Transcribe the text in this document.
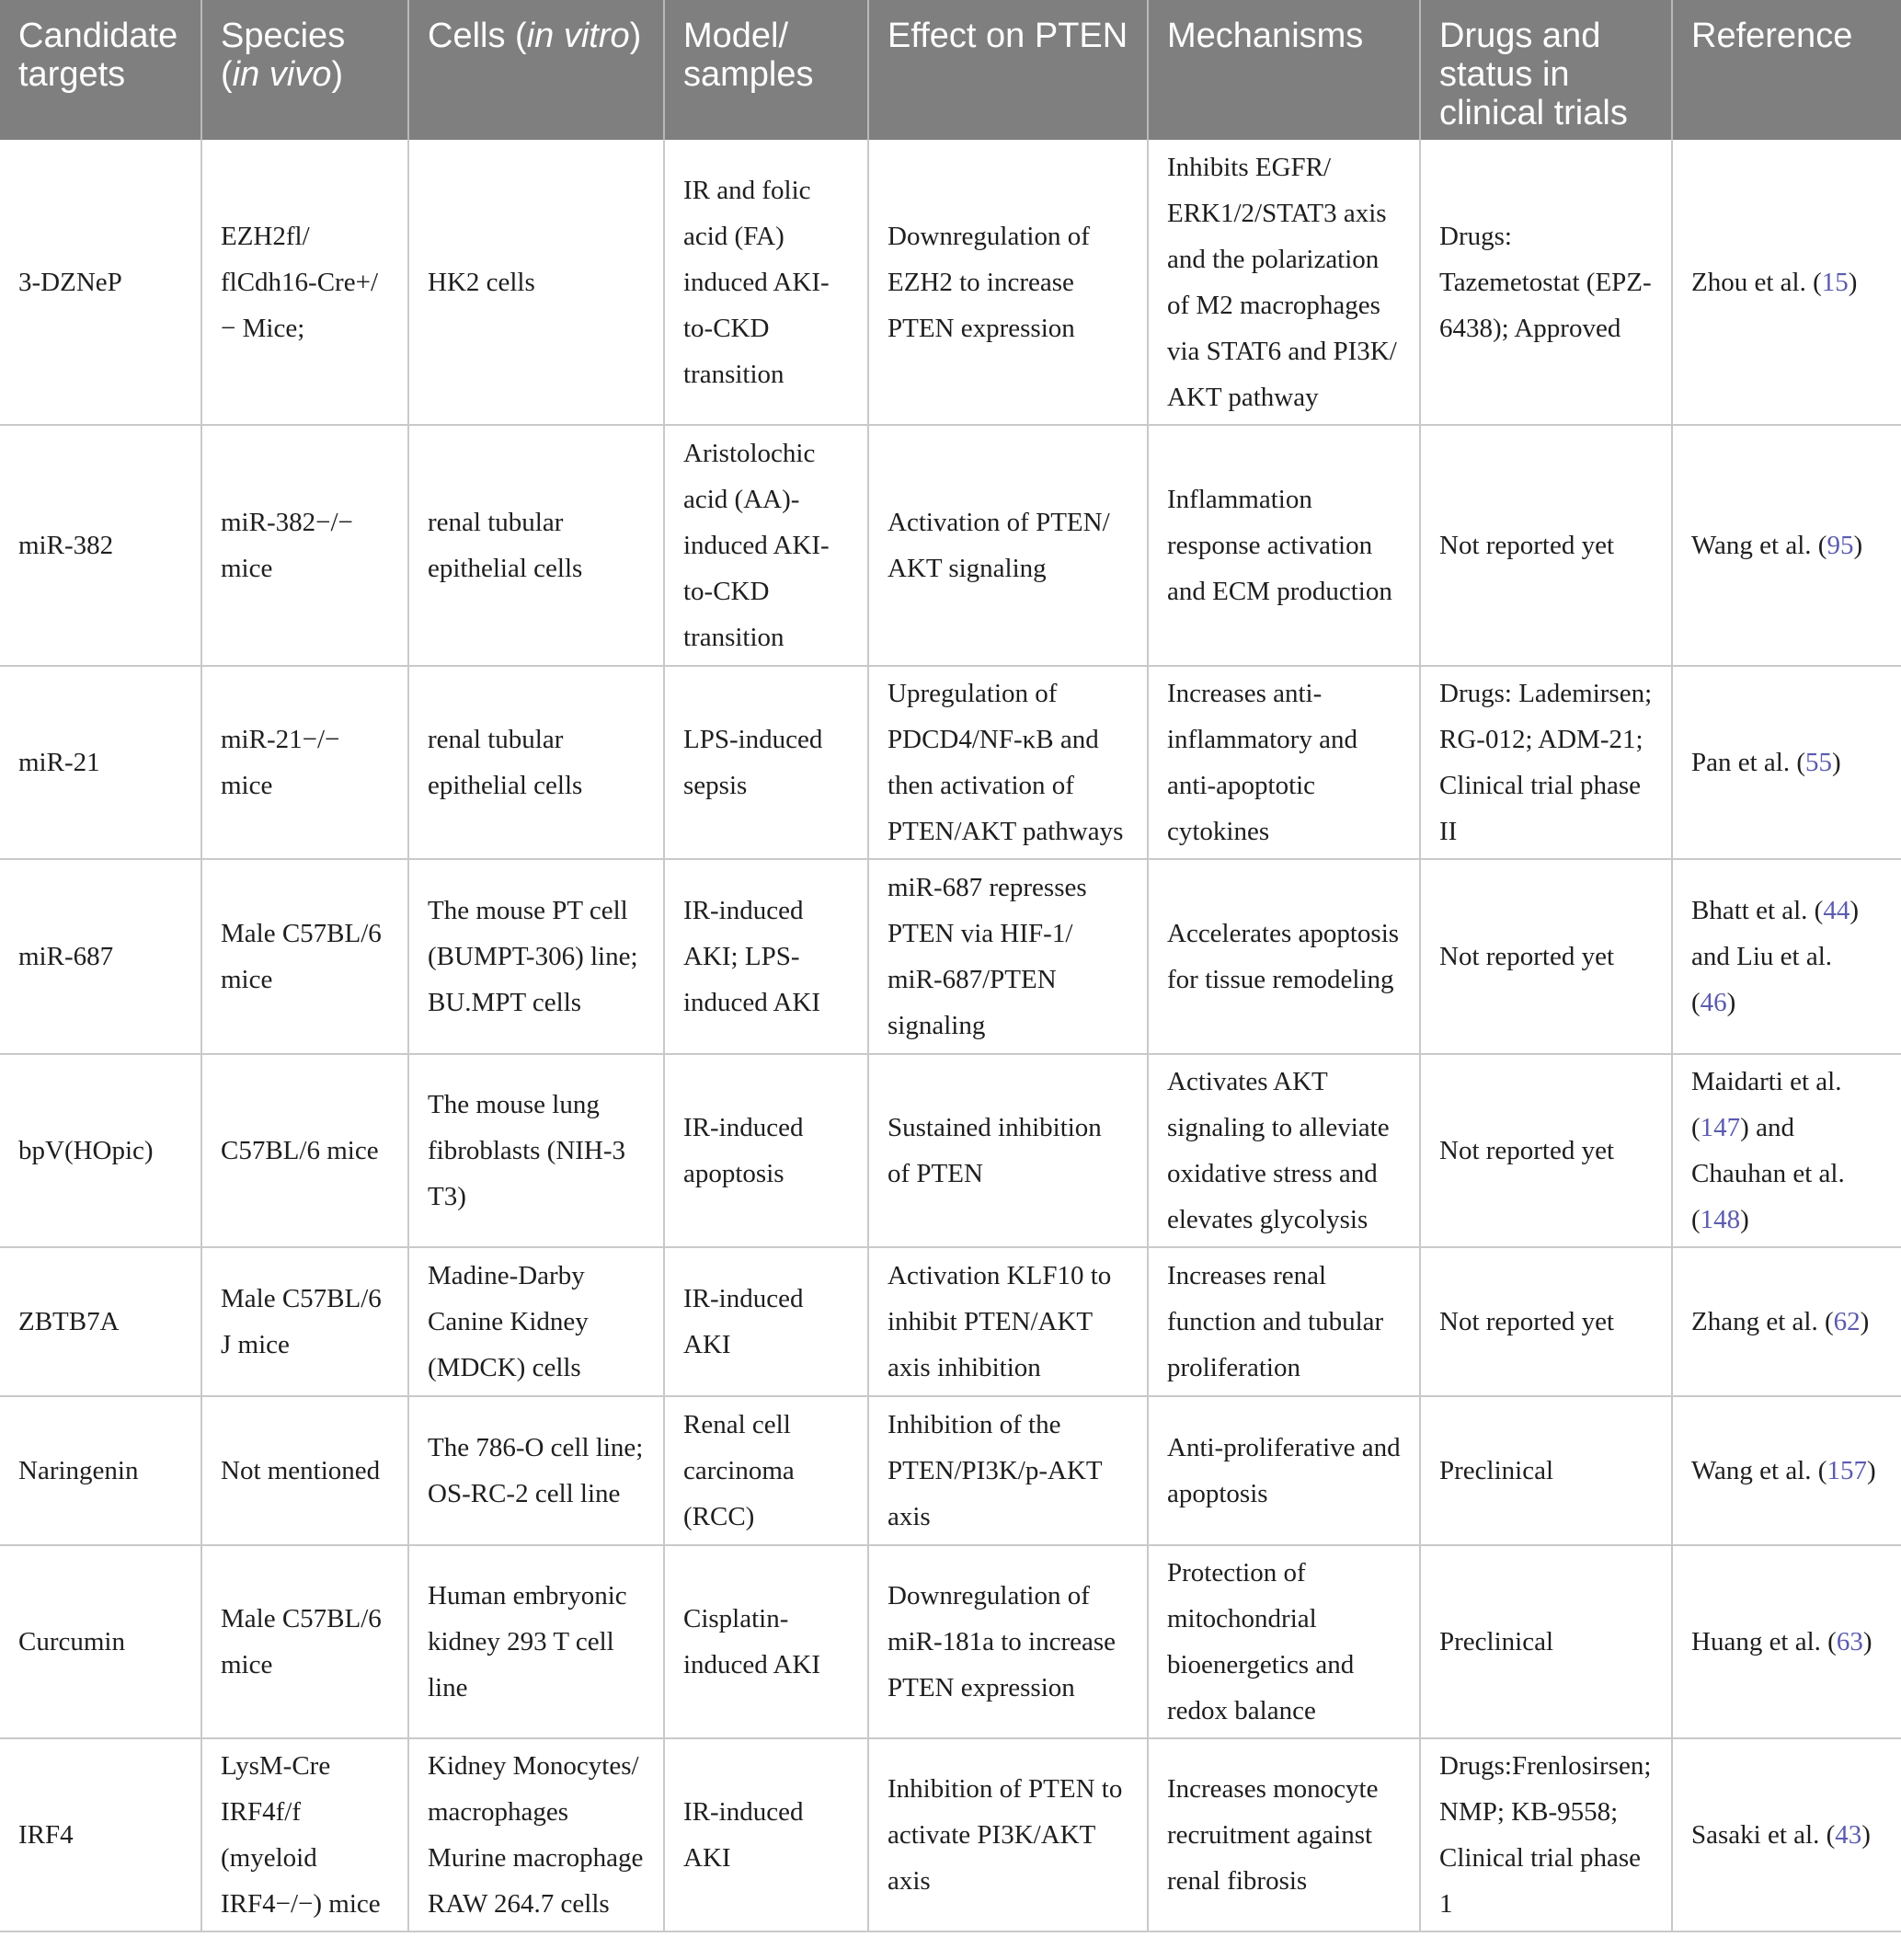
Candidate targets	Species (in vivo)	Cells (in vitro)	Model/ samples	Effect on PTEN	Mechanisms	Drugs and status in clinical trials	Reference
3-DZNeP	EZH2fl/ flCdh16-Cre+/− Mice;	HK2 cells	IR and folic acid (FA) induced AKI-to-CKD transition	Downregulation of EZH2 to increase PTEN expression	Inhibits EGFR/ ERK1/2/STAT3 axis and the polarization of M2 macrophages via STAT6 and PI3K/ AKT pathway	Drugs: Tazemetostat (EPZ-6438); Approved	Zhou et al. (15)
miR-382	miR-382−/− mice	renal tubular epithelial cells	Aristolochic acid (AA)-induced AKI-to-CKD transition	Activation of PTEN/ AKT signaling	Inflammation response activation and ECM production	Not reported yet	Wang et al. (95)
miR-21	miR-21−/− mice	renal tubular epithelial cells	LPS-induced sepsis	Upregulation of PDCD4/NF-κB and then activation of PTEN/AKT pathways	Increases anti-inflammatory and anti-apoptotic cytokines	Drugs: Lademirsen; RG-012; ADM-21; Clinical trial phase II	Pan et al. (55)
miR-687	Male C57BL/6 mice	The mouse PT cell (BUMPT-306) line; BU.MPT cells	IR-induced AKI; LPS-induced AKI	miR-687 represses PTEN via HIF-1/ miR-687/PTEN signaling	Accelerates apoptosis for tissue remodeling	Not reported yet	Bhatt et al. (44) and Liu et al. (46)
bpV(HOpic)	C57BL/6 mice	The mouse lung fibroblasts (NIH-3 T3)	IR-induced apoptosis	Sustained inhibition of PTEN	Activates AKT signaling to alleviate oxidative stress and elevates glycolysis	Not reported yet	Maidarti et al. (147) and Chauhan et al. (148)
ZBTB7A	Male C57BL/6 J mice	Madine-Darby Canine Kidney (MDCK) cells	IR-induced AKI	Activation KLF10 to inhibit PTEN/AKT axis inhibition	Increases renal function and tubular proliferation	Not reported yet	Zhang et al. (62)
Naringenin	Not mentioned	The 786-O cell line; OS-RC-2 cell line	Renal cell carcinoma (RCC)	Inhibition of the PTEN/PI3K/p-AKT axis	Anti-proliferative and apoptosis	Preclinical	Wang et al. (157)
Curcumin	Male C57BL/6 mice	Human embryonic kidney 293 T cell line	Cisplatin-induced AKI	Downregulation of miR-181a to increase PTEN expression	Protection of mitochondrial bioenergetics and redox balance	Preclinical	Huang et al. (63)
IRF4	LysM-Cre IRF4f/f (myeloid IRF4−/−) mice	Kidney Monocytes/ macrophages Murine macrophage RAW 264.7 cells	IR-induced AKI	Inhibition of PTEN to activate PI3K/AKT axis	Increases monocyte recruitment against renal fibrosis	Drugs:Frenlosirsen; NMP; KB-9558; Clinical trial phase 1	Sasaki et al. (43)
